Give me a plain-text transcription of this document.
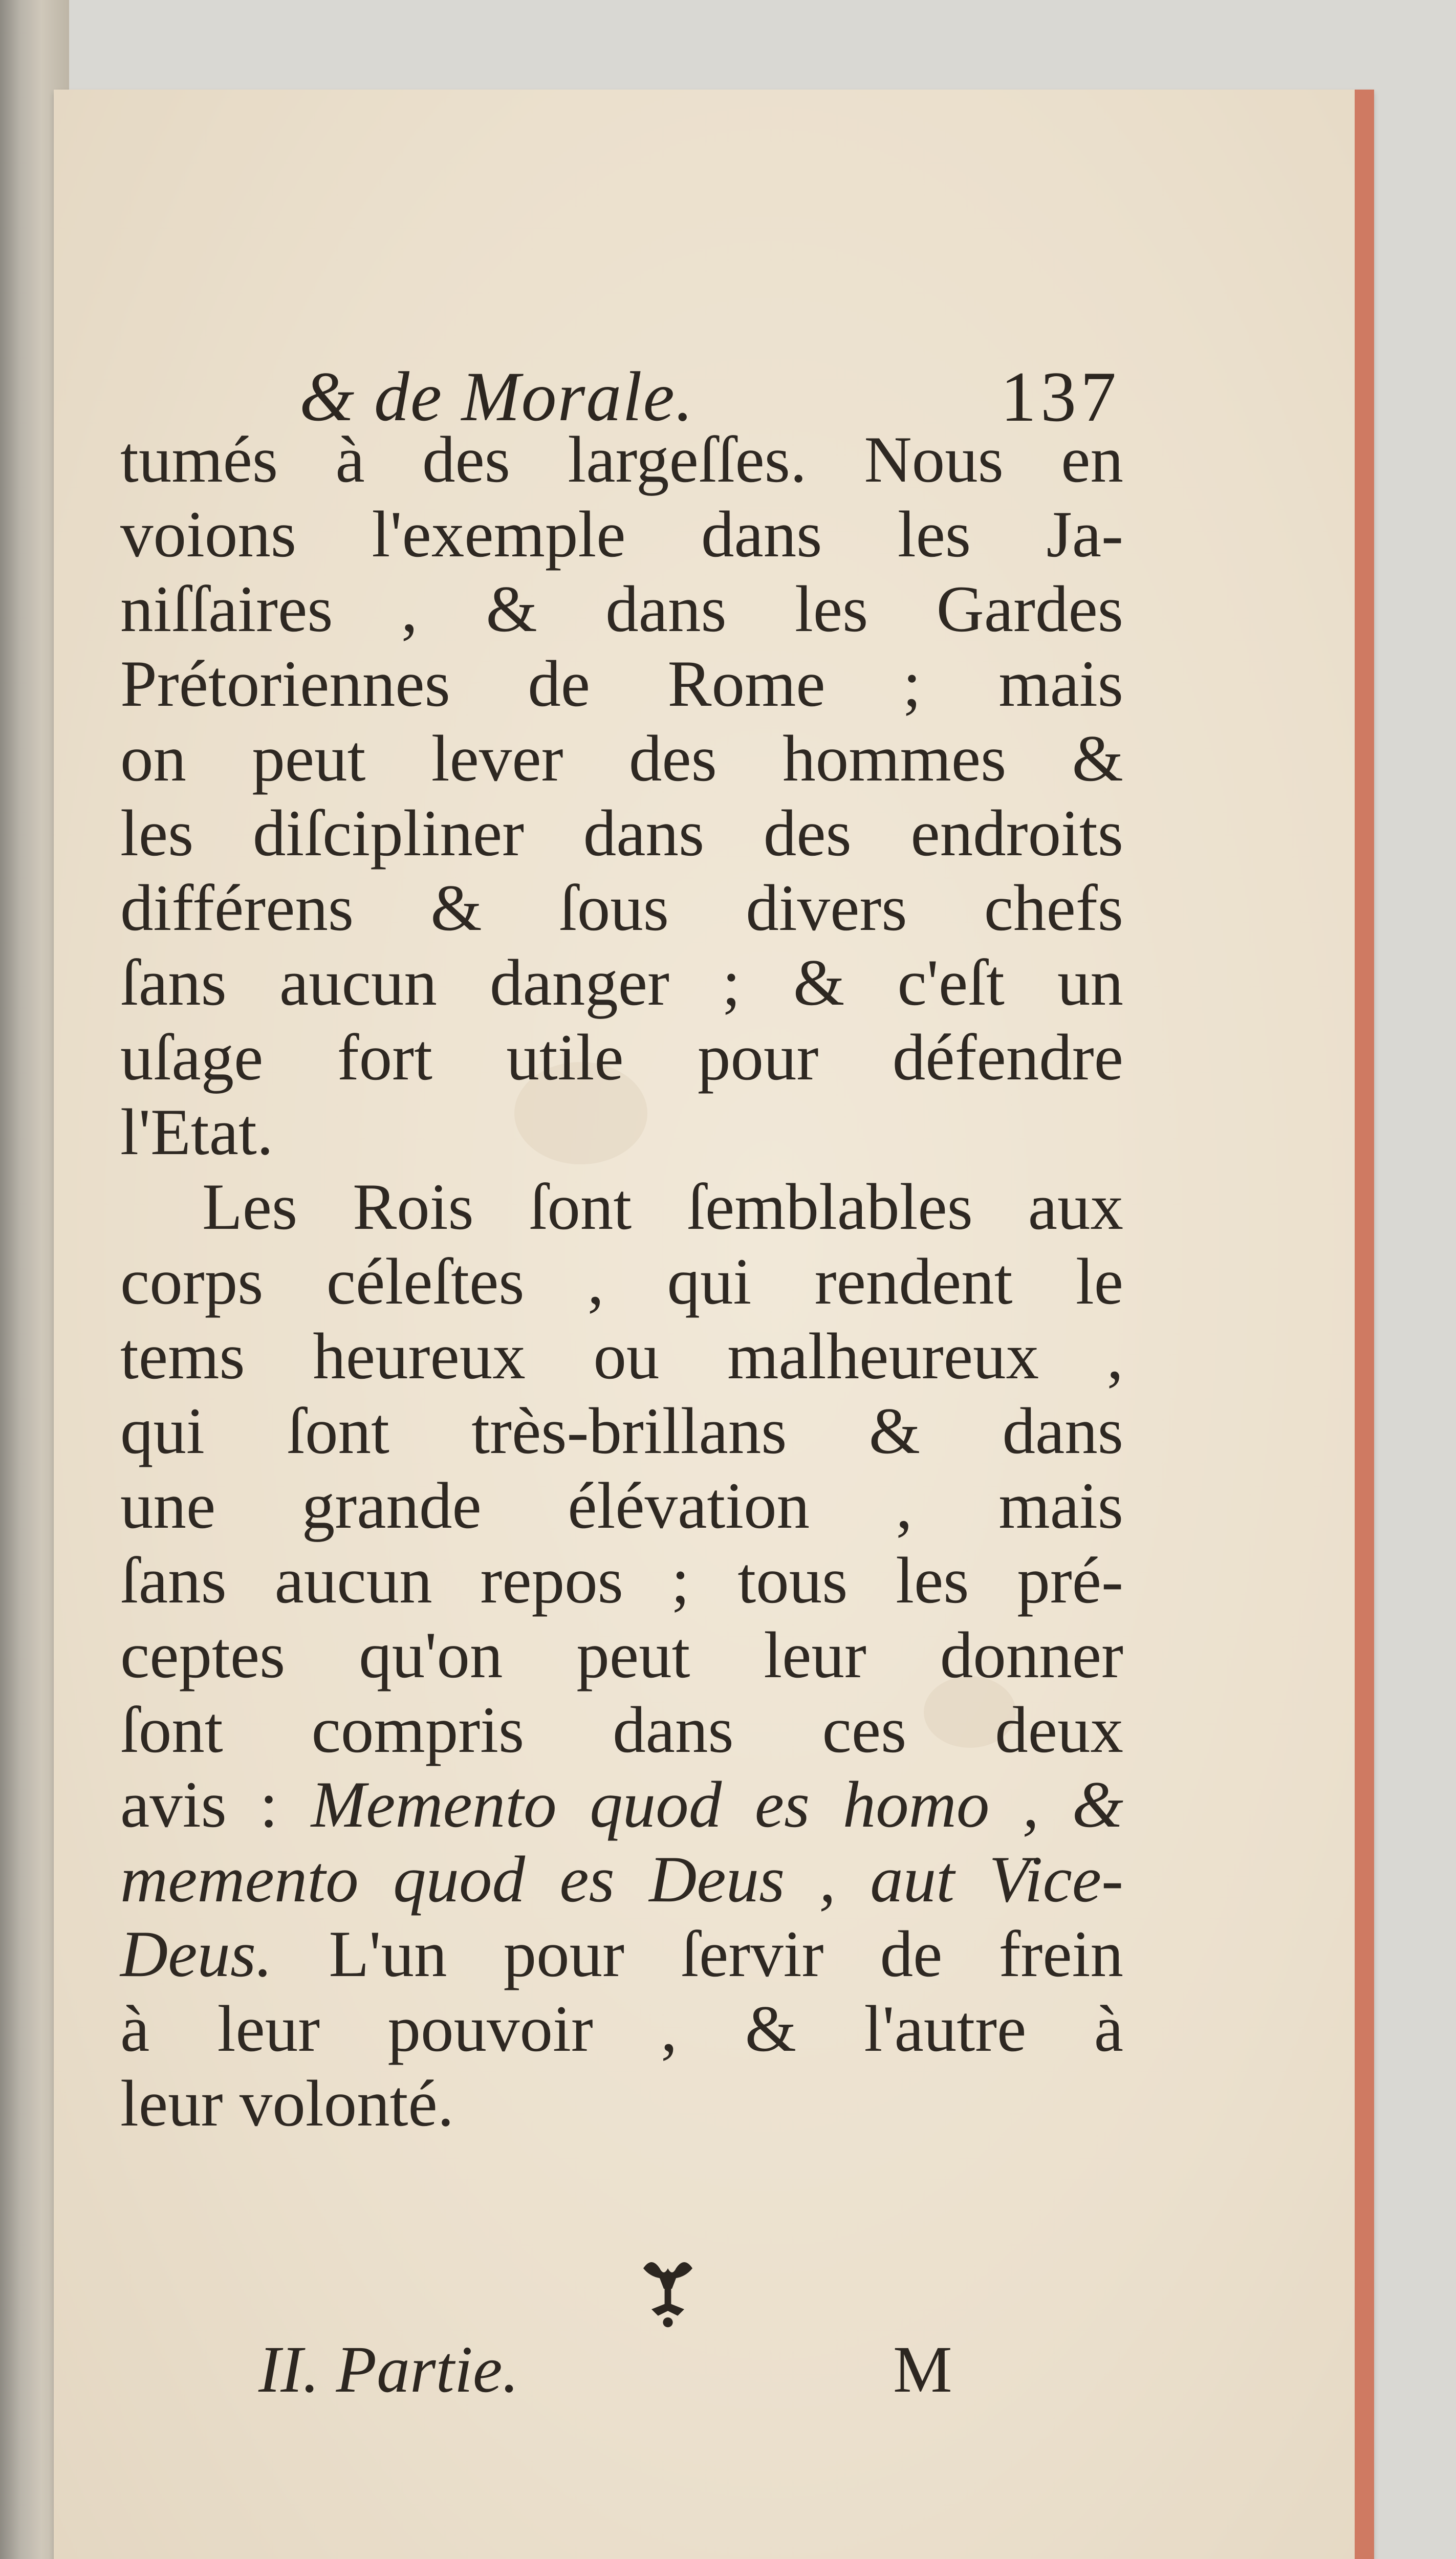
& de Morale.	137
tumés à des largeſſes. Nous en
voions l'exemple dans les Ja-
niſſaires , & dans les Gardes
Prétoriennes de Rome ; mais
on peut lever des hommes &
les diſcipliner dans des endroits
différens & ſous divers chefs
ſans aucun danger ; & c'eſt un
uſage fort utile pour défendre
l'Etat.
Les Rois ſont ſemblables aux
corps céleſtes , qui rendent le
tems heureux ou malheureux ,
qui ſont très-brillans & dans
une grande élévation , mais
ſans aucun repos ; tous les pré-
ceptes qu'on peut leur donner
ſont compris dans ces deux
avis : Memento quod es homo , &
memento quod es Deus , aut Vice-
Deus. L'un pour ſervir de frein
à leur pouvoir , & l'autre à
leur volonté.
II. Partie.	M
